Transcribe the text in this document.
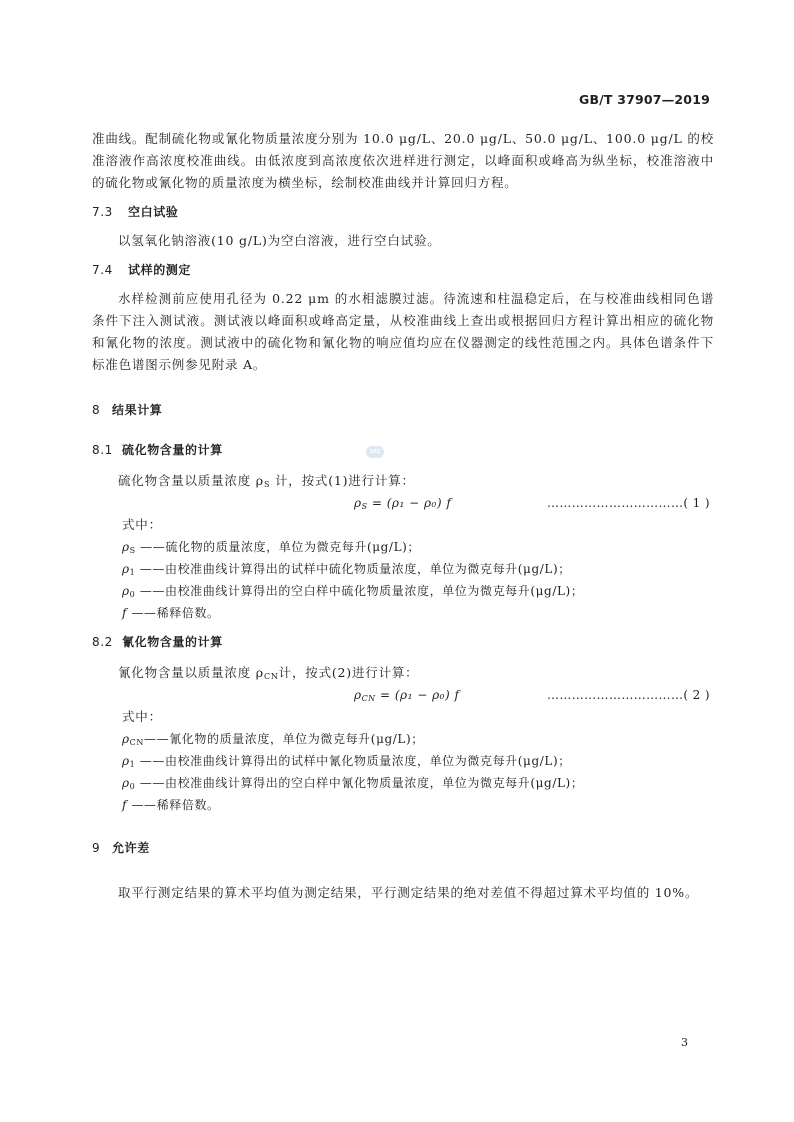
GB/T 37907—2019

准曲线。配制硫化物或氰化物质量浓度分别为 10.0 μg/L、20.0 μg/L、50.0 μg/L、100.0 μg/L 的校准溶液作高浓度校准曲线。由低浓度到高浓度依次进样进行测定，以峰面积或峰高为纵坐标，校准溶液中的硫化物或氰化物的质量浓度为横坐标，绘制校准曲线并计算回归方程。

7.3 空白试验

以氢氧化钠溶液(10 g/L)为空白溶液，进行空白试验。

7.4 试样的测定

水样检测前应使用孔径为 0.22 μm 的水相滤膜过滤。待流速和柱温稳定后，在与校准曲线相同色谱条件下注入测试液。测试液以峰面积或峰高定量，从校准曲线上查出或根据回归方程计算出相应的硫化物和氰化物的浓度。测试液中的硫化物和氰化物的响应值均应在仪器测定的线性范围之内。具体色谱条件下标准色谱图示例参见附录 A。

8 结果计算

8.1 硫化物含量的计算

硫化物含量以质量浓度 $\rho_S$ 计，按式(1)进行计算：

$\rho_S = (\rho_1 - \rho_0)$ f	……………………………( 1 )

式中：

$\rho_S$ ——硫化物的质量浓度，单位为微克每升(μg/L)；

$\rho_1$ ——由校准曲线计算得出的试样中硫化物质量浓度，单位为微克每升(μg/L)；

$\rho_0$ ——由校准曲线计算得出的空白样中硫化物质量浓度，单位为微克每升(μg/L)；

f ——稀释倍数。

8.2 氰化物含量的计算

氰化物含量以质量浓度 $\rho_{CN}$计，按式(2)进行计算：

$\rho_{CN} = (\rho_1 - \rho_0)$ f	……………………………( 2 )

式中：

$\rho_{CN}——$氰化物的质量浓度，单位为微克每升(μg/L)；

$\rho_1$ ——由校准曲线计算得出的试样中氰化物质量浓度，单位为微克每升(μg/L)；

$\rho_0$ ——由校准曲线计算得出的空白样中氰化物质量浓度，单位为微克每升(μg/L)；

f ——稀释倍数。

9 允许差

取平行测定结果的算术平均值为测定结果，平行测定结果的绝对差值不得超过算术平均值的 10%。

SAC
3
